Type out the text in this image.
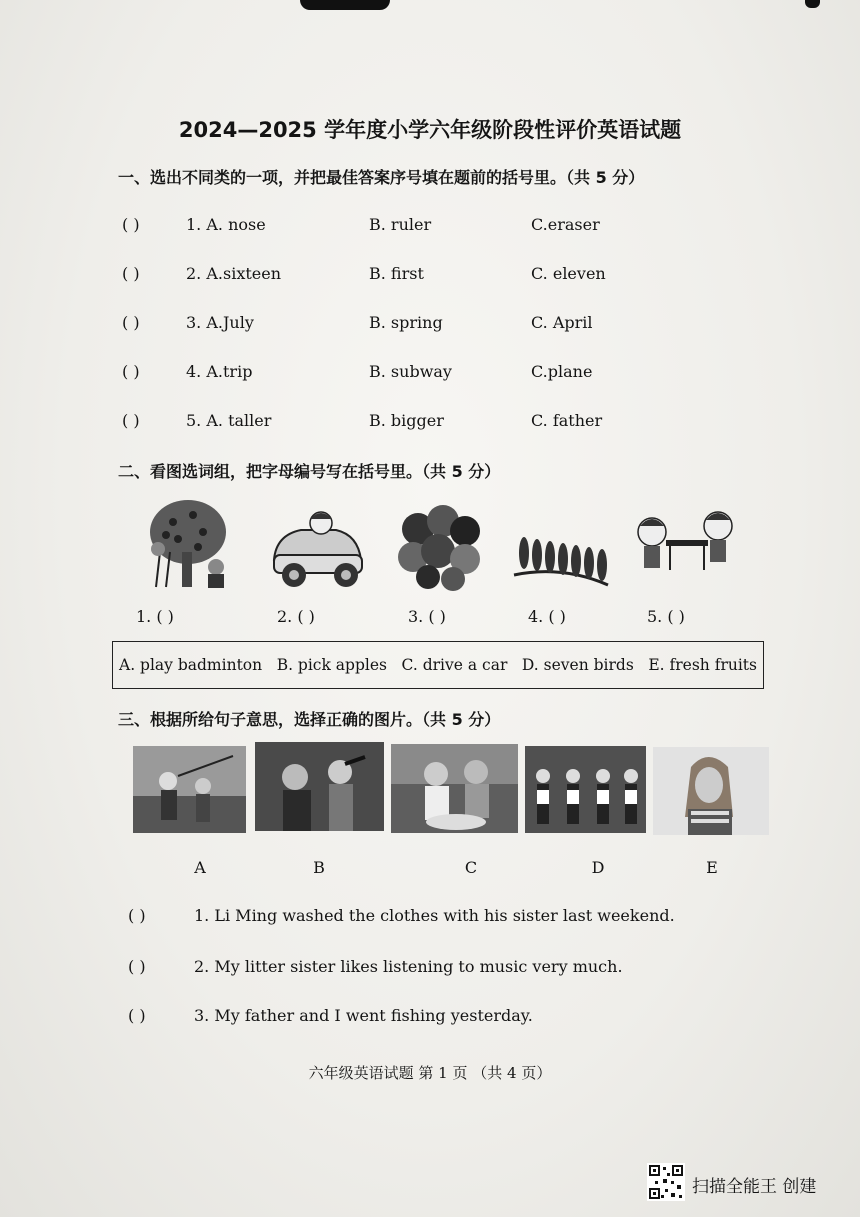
2024—2025 学年度小学六年级阶段性评价英语试题
一、选出不同类的一项，并把最佳答案序号填在题前的括号里。（共 5 分）
( )	1. A. nose	B. ruler	C.eraser
( )	2. A.sixteen	B. first	C. eleven
( )	3. A.July	B. spring	C. April
( )	4. A.trip	B. subway	C.plane
( )	5. A. taller	B. bigger	C. father
二、看图选词组，把字母编号写在括号里。（共 5 分）
1. ( )	2. ( )	3. ( )	4. ( )	5. ( )
A. play badminton B. pick apples C. drive a car D. seven birds E. fresh fruits
三、根据所给句子意思，选择正确的图片。（共 5 分）
A	B	C	D	E
( )	1. Li Ming washed the clothes with his sister last weekend.
( )	2. My litter sister likes listening to music very much.
( )	3. My father and I went fishing yesterday.
六年级英语试题 第 1 页 （共 4 页）
扫描全能王 创建
